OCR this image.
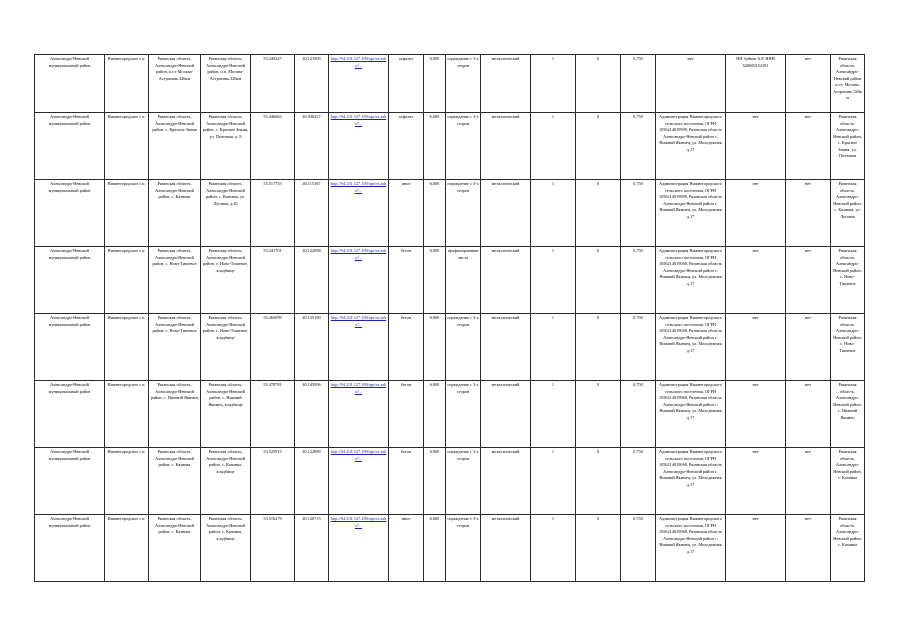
Александро-Невский муниципальный район	Нижнегородское с.п.	Рязанская область, Александро-Невский район, п.г.т Москва-Астрахань,326км	Рязанская область, Александро-Невский район, п.п. Москва-Астрахань,326км	53.449247	40.121909	http://94.231.127.189/api/ex.ashx?...	асфальт	6,000	ограждение с 3-х сторон	металлический	1	0	0,750	нет	ИП Зуйков А.Р. ИНН 620600154181	нет	Рязанская область, Александро-Невский район п.г.т. Москва-Астрахань,326км

Александро-Невский муниципальный район	Нижнегородское с.п.	Рязанская область, Александро-Невский район, с. Красное Знамя	Рязанская область, Александро-Невский район, с. Красное Знамя, ул. Почтовая, д. 8	53.446663	40.036227	http://94.231.127.189/api/ex.ashx?...	асфальт	6,000	ограждение с 3-х сторон	металлический	1	0	0,750	Администрация Нижнегородского сельского поселения, ОГРН 1056214019999, Рязанская область Александро-Невский район с. Нижний Якимец, ул. Молодежная д.17	нет	нет	Рязанская область, Александро-Невский район, с. Красное Знамя, ул. Почтовая

Александро-Невский муниципальный район	Нижнегородское с.п.	Рязанская область, Александро-Невский район, с. Казинка	Рязанская область, Александро-Невский район, с. Казинка, ул. Луговая, д.45	53.517755	40.115167	http://94.231.127.189/api/ex.ashx?...	иное	6,000	ограждение с 3-х сторон	металлический	1	0	0,750	Администрация Нижнегородского сельского поселения, ОГРН 1056214019999, Рязанская область Александро-Невский район с. Нижний Якимец, ул. Молодежная д.17	нет	нет	Рязанская область, Александро-Невский район, с. Казинка, ул. Луговая

Александро-Невский муниципальный район	Нижнегородское с.п.	Рязанская область, Александро-Невский район, с. Ново-Тишевое	Рязанская область, Александро-Невский район, с. Ново-Тишевое, кладбище	53.441701	40.122098	http://94.231.127.189/api/ex.ashx?...	бетон	6,000	профилирование листа	металлический	1	0	0,750	Администрация Нижнегородского сельского поселения, ОГРН 1056214019068, Рязанская область Александро-Невский район с. Нижний Якимец, ул. Молодежная д.17	нет	нет	Рязанская область, Александро-Невский район, с. Ново-Тишевое

Александро-Невский муниципальный район	Нижнегородское с.п.	Рязанская область, Александро-Невский район, с. Ново-Тишевое	Рязанская область, Александро-Невский район, с. Ново-Тишевое, кладбище	53.463099	40.125190	http://94.231.127.189/api/ex.ashx?...	бетон	6,000	ограждение с 3-х сторон	металлический	1	0	0,750	Администрация Нижнегородского сельского поселения, ОГРН 1056214019068, Рязанская область Александро-Невский район с. Нижний Якимец, ул. Молодежная д.17	нет	нет	Рязанская область, Александро-Невский район, с. Ново-Тишевое

Александро-Невский муниципальный район	Нижнегородское с.п.	Рязанская область, Александро-Невский район, с. Нижний Якимец	Рязанская область, Александро-Невский район, с. Нижний Якимец, кладбище	53.478781	40.145996	http://94.231.127.189/api/ex.ashx?...	бетон	6,000	ограждение с 3-х сторон	металлический	1	0	0,750	Администрация Нижнегородского сельского поселения, ОГРН 1056214019068, Рязанская область Александро-Невский район с. Нижний Якимец, ул. Молодежная д.17	нет	нет	Рязанская область, Александро-Невский район, с. Нижний Якимец

Александро-Невский муниципальный район	Нижнегородское с.п.	Рязанская область, Александро-Невский район, с. Казинка	Рязанская область, Александро-Невский район, с. Казинка, кладбище	53.525915	40.122889	http://94.231.127.189/api/ex.ashx?...	бетон	6,000	ограждение с 3-х сторон	металлический	1	0	0,750	Администрация Нижнегородского сельского поселения, ОГРН 1056214019068, Рязанская область Александро-Невский район с. Нижний Якимец, ул. Молодежная д.17	нет	нет	Рязанская область, Александро-Невский район, с. Казинка

Александро-Невский муниципальный район	Нижнегородское с.п.	Рязанская область, Александро-Невский район, с. Казинка	Рязанская область, Александро-Невский район, с. Казинка, кладбище	53.516279	40.120715	http://94.231.127.189/api/ex.ashx?...	иное	6,000	ограждение с 3-х сторон	металлический	1	0	0,750	Администрация Нижнегородского сельского поселения, ОГРН 1056214019068, Рязанская область Александро-Невский район с. Нижний Якимец, ул. Молодежная д.17	нет	нет	Рязанская область, Александро-Невский район, с. Казинка
